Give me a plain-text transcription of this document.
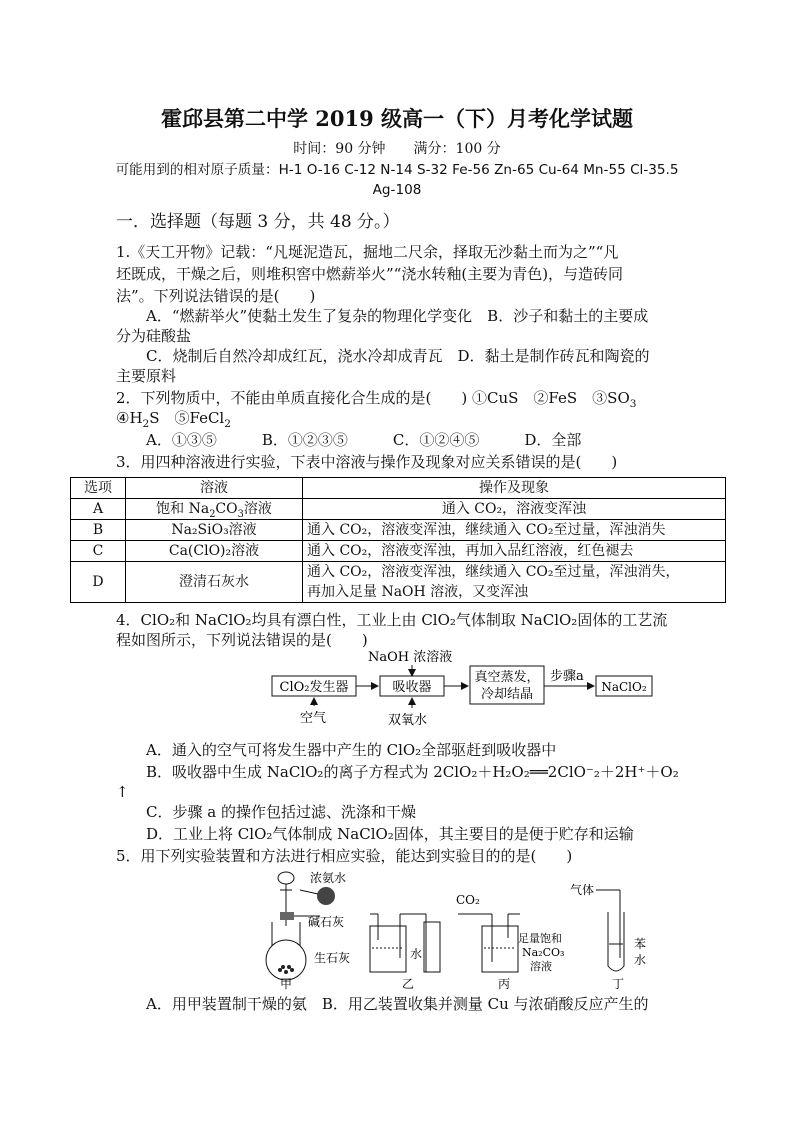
霍邱县第二中学 2019 级高一（下）月考化学试题
时间：90 分钟　　满分：100 分
可能用到的相对原子质量：H-1 O-16 C-12 N-14 S-32 Fe-56 Zn-65 Cu-64 Mn-55 Cl-35.5
Ag-108
一．选择题（每题 3 分，共 48 分。）
1.《天工开物》记载：“凡埏泥造瓦，掘地二尺余，择取无沙黏土而为之”“凡
坯既成，干燥之后，则堆积窖中燃薪举火”“浇水转釉(主要为青色)，与造砖同
法”。下列说法错误的是(　　)
A．“燃薪举火”使黏土发生了复杂的物理化学变化　B．沙子和黏土的主要成
分为硅酸盐
C．烧制后自然冷却成红瓦，浇水冷却成青瓦　D．黏土是制作砖瓦和陶瓷的
主要原料
2．下列物质中，不能由单质直接化合生成的是(　　) ①CuS　②FeS　$③SO_3$
$④H_2S$　⑤FeCl$_2$
A．①③⑤　　　B．①②③⑤　　　C．①②④⑤　　　D．全部
3．用四种溶液进行实验，下表中溶液与操作及现象对应关系错误的是(　　)
选项	溶液	操作及现象
A	饱和 $Na_2CO_3$溶液	通入 CO₂，溶液变浑浊
B	Na₂SiO₃溶液	通入 CO₂，溶液变浑浊，继续通入 CO₂至过量，浑浊消失
C	Ca(ClO)₂溶液	通入 CO₂，溶液变浑浊，再加入品红溶液，红色褪去
D	澄清石灰水	通入 CO₂，溶液变浑浊，继续通入 CO₂至过量，浑浊消失，
再加入足量 NaOH 溶液，又变浑浊
4．ClO₂和 NaClO₂均具有漂白性，工业上由 ClO₂气体制取 NaClO₂固体的工艺流
程如图所示，下列说法错误的是(　　)
NaOH 浓溶液
ClO₂发生器	吸收器
真空蒸发，
冷却结晶
步骤a
NaClO₂
空气	双氧水
A．通入的空气可将发生器中产生的 ClO₂全部驱赶到吸收器中
B．吸收器中生成 NaClO₂的离子方程式为 2ClO₂＋H₂O₂══2ClO⁻₂＋2H⁺＋O₂
↑
C．步骤 a 的操作包括过滤、洗涤和干燥
D．工业上将 ClO₂气体制成 NaClO₂固体，其主要目的是便于贮存和运输
5．用下列实验装置和方法进行相应实验，能达到实验目的的是(　　)
浓氨水
碱石灰
生石灰
甲
水
乙
CO₂
足量饱和
Na₂CO₃
溶液
丙
气体
苯
水
丁
A．用甲装置制干燥的氨　B．用乙装置收集并测量 Cu 与浓硝酸反应产生的
